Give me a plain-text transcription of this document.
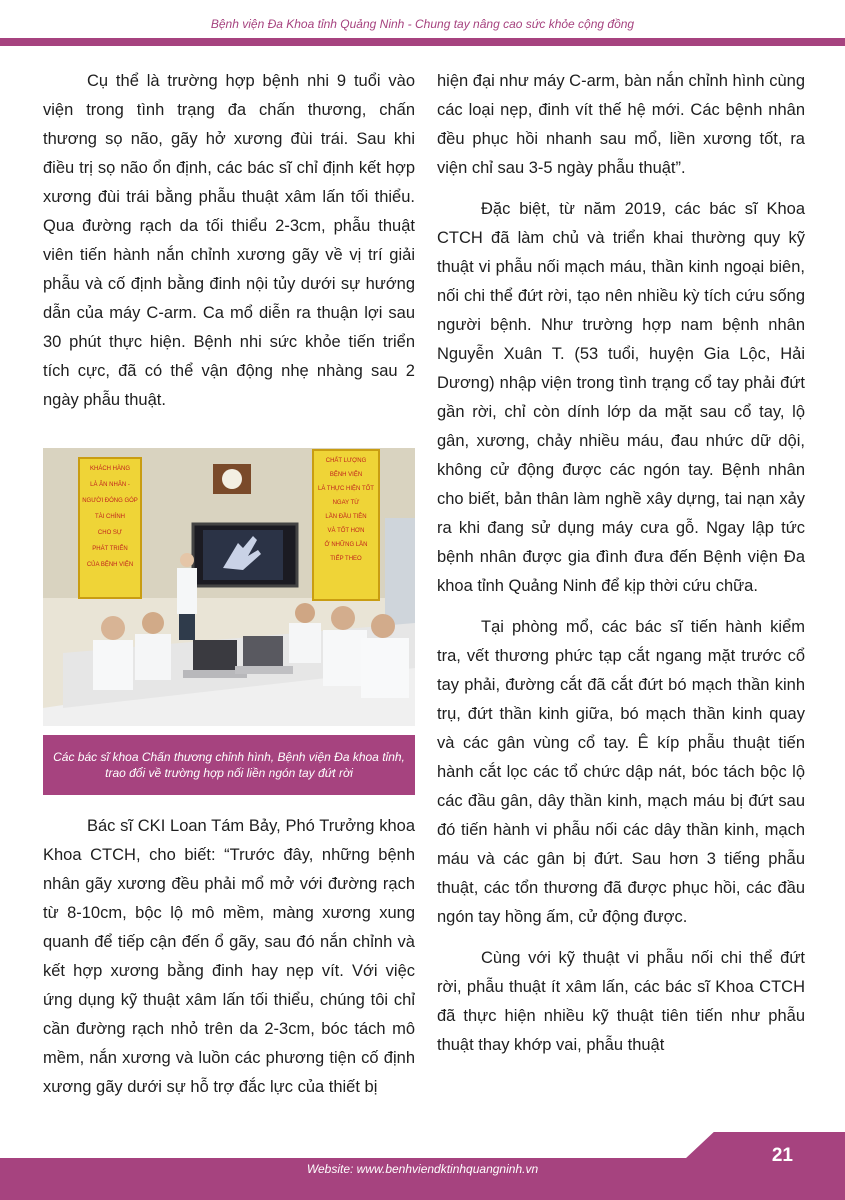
Bệnh viện Đa Khoa tỉnh Quảng Ninh - Chung tay nâng cao sức khỏe cộng đồng

Cụ thể là trường hợp bệnh nhi 9 tuổi vào viện trong tình trạng đa chấn thương, chấn thương sọ não, gãy hở xương đùi trái. Sau khi điều trị sọ não ổn định, các bác sĩ chỉ định kết hợp xương đùi trái bằng phẫu thuật xâm lấn tối thiểu. Qua đường rạch da tối thiểu 2-3cm, phẫu thuật viên tiến hành nắn chỉnh xương gãy về vị trí giải phẫu và cố định bằng đinh nội tủy dưới sự hướng dẫn của máy C-arm. Ca mổ diễn ra thuận lợi sau 30 phút thực hiện. Bệnh nhi sức khỏe tiến triển tích cực, đã có thể vận động nhẹ nhàng sau 2 ngày phẫu thuật.

KHÁCH HÀNG
LÀ ÂN NHÂN -
NGƯỜI ĐÓNG GÓP
TÀI CHÍNH
CHO SỰ
PHÁT TRIỂN
CỦA BỆNH VIỆN
CHẤT LƯỢNG
BỆNH VIỆN
LÀ THỰC HIỆN TỐT
NGAY TỪ
LẦN ĐẦU TIÊN
VÀ TỐT HƠN
Ở NHỮNG LẦN
TIẾP THEO
Các bác sĩ khoa Chấn thương chỉnh hình, Bệnh viện Đa khoa tỉnh, trao đổi về trường hợp nối liền ngón tay đứt rời

Bác sĩ CKI Loan Tám Bảy, Phó Trưởng khoa Khoa CTCH, cho biết: “Trước đây, những bệnh nhân gãy xương đều phải mổ mở với đường rạch từ 8-10cm, bộc lộ mô mềm, màng xương xung quanh để tiếp cận đến ổ gãy, sau đó nắn chỉnh và kết hợp xương bằng đinh hay nẹp vít. Với việc ứng dụng kỹ thuật xâm lấn tối thiểu, chúng tôi chỉ cần đường rạch nhỏ trên da 2-3cm, bóc tách mô mềm, nắn xương và luồn các phương tiện cố định xương gãy dưới sự hỗ trợ đắc lực của thiết bị

hiện đại như máy C-arm, bàn nắn chỉnh hình cùng các loại nẹp, đinh vít thế hệ mới. Các bệnh nhân đều phục hồi nhanh sau mổ, liền xương tốt, ra viện chỉ sau 3-5 ngày phẫu thuật”.

Đặc biệt, từ năm 2019, các bác sĩ Khoa CTCH đã làm chủ và triển khai thường quy kỹ thuật vi phẫu nối mạch máu, thần kinh ngoại biên, nối chi thể đứt rời, tạo nên nhiều kỳ tích cứu sống người bệnh. Như trường hợp nam bệnh nhân Nguyễn Xuân T. (53 tuổi, huyện Gia Lộc, Hải Dương) nhập viện trong tình trạng cổ tay phải đứt gần rời, chỉ còn dính lớp da mặt sau cổ tay, lộ gân, xương, chảy nhiều máu, đau nhức dữ dội, không cử động được các ngón tay. Bệnh nhân cho biết, bản thân làm nghề xây dựng, tai nạn xảy ra khi đang sử dụng máy cưa gỗ. Ngay lập tức bệnh nhân được gia đình đưa đến Bệnh viện Đa khoa tỉnh Quảng Ninh để kịp thời cứu chữa.

Tại phòng mổ, các bác sĩ tiến hành kiểm tra, vết thương phức tạp cắt ngang mặt trước cổ tay phải, đường cắt đã cắt đứt bó mạch thần kinh trụ, đứt thần kinh giữa, bó mạch thần kinh quay và các gân vùng cổ tay. Ê kíp phẫu thuật tiến hành cắt lọc các tổ chức dập nát, bóc tách bộc lộ các đầu gân, dây thần kinh, mạch máu bị đứt sau đó tiến hành vi phẫu nối các dây thần kinh, mạch máu và các gân bị đứt. Sau hơn 3 tiếng phẫu thuật, các tổn thương đã được phục hồi, các đầu ngón tay hồng ấm, cử động được.

Cùng với kỹ thuật vi phẫu nối chi thể đứt rời, phẫu thuật ít xâm lấn, các bác sĩ Khoa CTCH đã thực hiện nhiều kỹ thuật tiên tiến như phẫu thuật thay khớp vai, phẫu thuật

Website: www.benhviendktinhquangninh.vn
21
